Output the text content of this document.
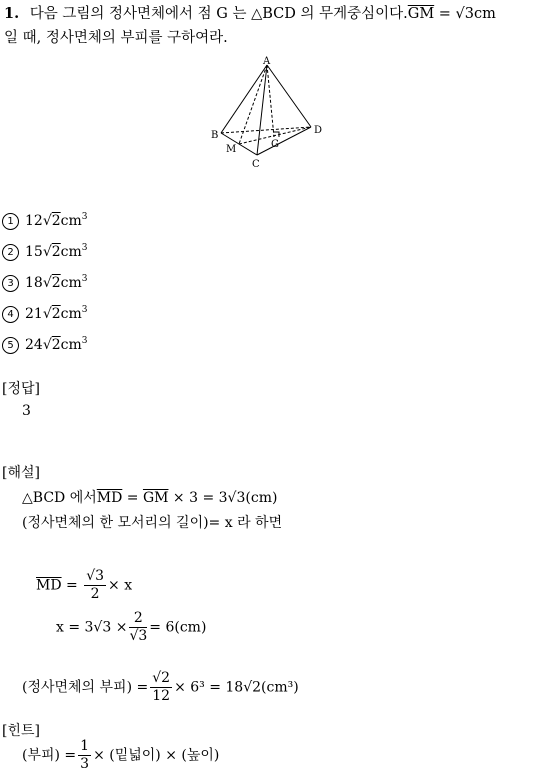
1. 다음 그림의 정사면체에서 점 G 는 △BCD 의 무게중심이다$.\overline{GM} = √3cm$
일 때, 정사면체의 부피를 구하여라.
A
B
C
D
G
M
1 $12√2cm^3$
2 $15√2cm^3$
3 $18√2cm^3$
4 $21√2cm^3$
5 $24√2cm^3$
[정답]
3
[해설]
△BCD 에서$\overline{MD} = \overline{GM} \times 3 = 3√3(cm)$
(정사면체의 한 모서리의 길이)= x 라 하면
$\overline{MD} = \frac{√3}{2} \times x$
$x = 3√3 \times \frac{2}{√3} = 6(cm)$
(정사면체의 부피) = $\frac{√2}{12} \times 6^3 = 18√2(cm^3)$
[힌트]
(부피) = $\frac{1}{3}$ × (밑넓이) × (높이)
